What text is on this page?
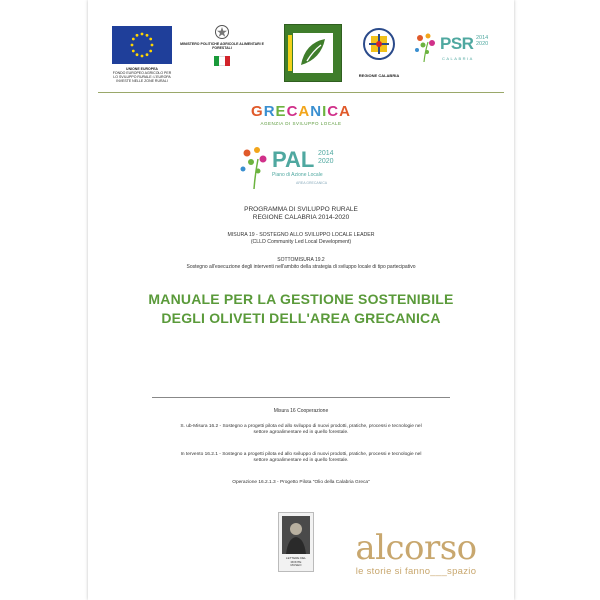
UNIONE EUROPEA
FONDO EUROPEO AGRICOLO PER LO SVILUPPO RURALE: L'EUROPA INVESTE NELLE ZONE RURALI
MINISTERO POLITICHE AGRICOLE ALIMENTARI E FORESTALI
REGIONE CALABRIA
PSR 2014
2020
CALABRIA
GRECANICA
AGENZIA DI SVILUPPO LOCALE
PAL 2014
2020
Piano di Azione Locale
AREA GRECANICA
PROGRAMMA DI SVILUPPO RURALE
REGIONE CALABRIA 2014-2020
MISURA 19 - SOSTEGNO ALLO SVILUPPO LOCALE LEADER
(CLLD Community Led Local Development)
SOTTOMISURA 19.2
Sostegno all'esecuzione degli interventi nell'ambito della strategia di sviluppo locale di tipo partecipativo
MANUALE PER LA GESTIONE SOSTENIBILE
DEGLI OLIVETI DELL'AREA GRECANICA
Misura 16 Cooperazione
S. ub-Misura 16.2 - Sostegno a progetti pilota ed allo sviluppo di nuovi prodotti, pratiche, processi e tecnologie nel
settore agroalimentare ed in quello forestale.
In tervento 16.2.1 - Sostegno a progetti pilota ed allo sviluppo di nuovi prodotti, pratiche, processi e tecnologie nel
settore agroalimentare ed in quello forestale.
Operazione 16.2.1.3 - Progetto Pilota "Olio della Calabria Greca"
LETTERE DEL MONTE
MUSEO	alcorso
le storie si fanno___spazio
